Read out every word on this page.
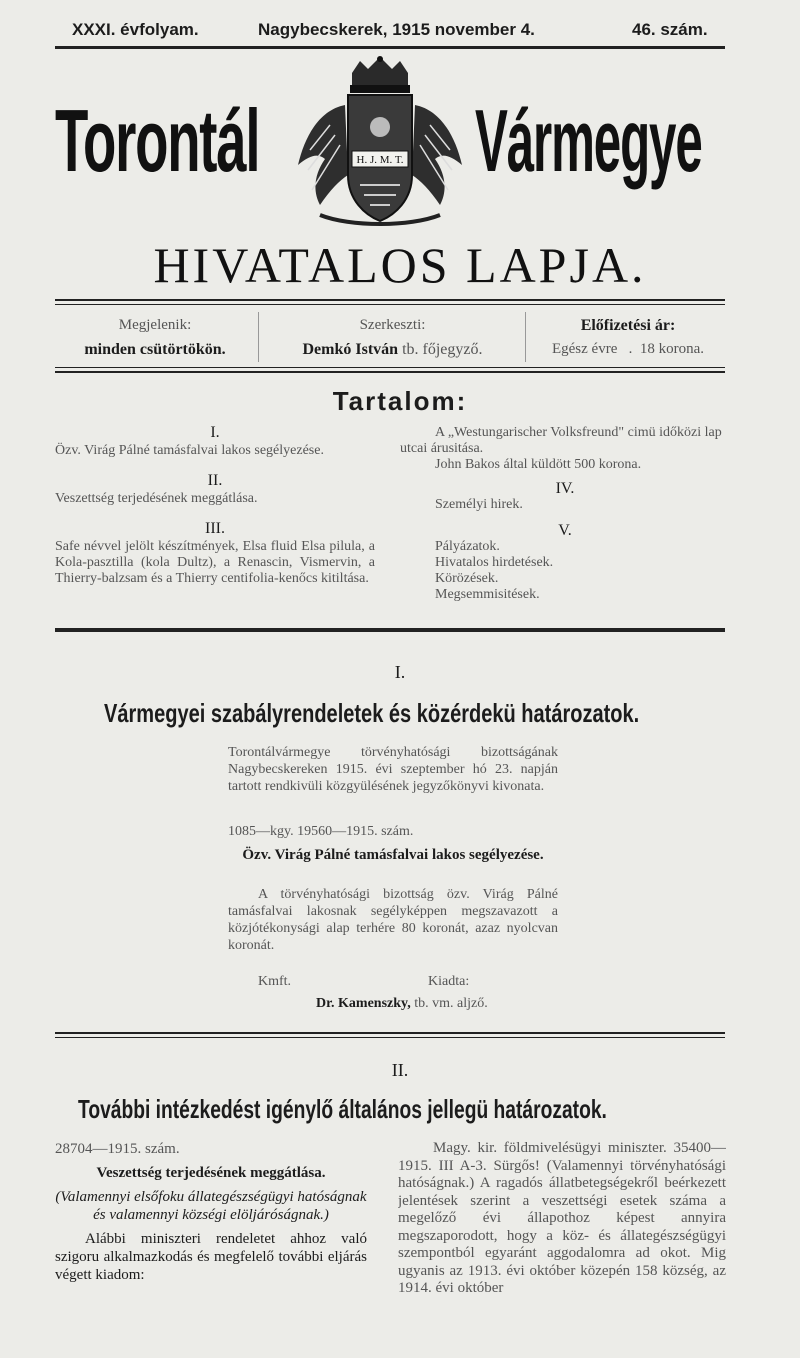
XXXI. évfolyam.	Nagybecskerek, 1915 november 4.	46. szám.
Torontál Vármegye
H. J. M. T.
HIVATALOS LAPJA.
Megjelenik:
minden csütörtökön.
Szerkeszti:
Demkó István tb. főjegyző.
Előfizetési ár:
Egész évre   .  18 korona.
Tartalom:
I.

Özv. Virág Pálné tamásfalvai lakos segélyezése.

II.

Veszettség terjedésének meggátlása.

III.

Safe névvel jelölt készítmények, Elsa fluid Elsa pilula, a Kola-pasztilla (kola Dultz), a Renascin, Vismervin, a Thierry-balzsam és a Thierry centifolia-kenőcs kitiltása.

A „Westungarischer Volksfreund" cimü időközi lap utcai árusitása.

John Bakos által küldött 500 korona.

IV.

Személyi hirek.

V.

Pályázatok.
Hivatalos hirdetések.
Körözések.
Megsemmisitések.

I.
Vármegyei szabályrendeletek és közérdekü határozatok.
Torontálvármegye törvényhatósági bizottságának Nagybecskereken 1915. évi szeptember hó 23. napján tartott rendkivüli közgyülésének jegyzőkönyvi kivonata.
1085—kgy. 19560—1915. szám.
Özv. Virág Pálné tamásfalvai lakos segélyezése.
A törvényhatósági bizottság özv. Virág Pálné tamásfalvai lakosnak segélyképpen megszavazott a közjótékonysági alap terhére 80 koronát, azaz nyolcvan koronát.
Kmft.	Kiadta:
Dr. Kamenszky, tb. vm. aljző.
II.
További intézkedést igénylő általános jellegü határozatok.

28704—1915. szám.

Veszettség terjedésének meggátlása.

(Valamennyi elsőfoku állategészségügyi hatóságnak és valamennyi községi elöljáróságnak.)

Alábbi miniszteri rendeletet ahhoz való szigoru alkalmazkodás és megfelelő további eljárás végett kiadom:

Magy. kir. földmivelésügyi miniszter. 35400—1915. III A-3. Sürgős! (Valamennyi törvényhatósági hatóságnak.) A ragadós állatbetegségekről beérkezett jelentések szerint a veszettségi esetek száma a megelőző évi állapothoz képest annyira megszaporodott, hogy a köz- és állategészségügyi szempontból egyaránt aggodalomra ad okot. Mig ugyanis az 1913. évi október közepén 158 község, az 1914. évi október
